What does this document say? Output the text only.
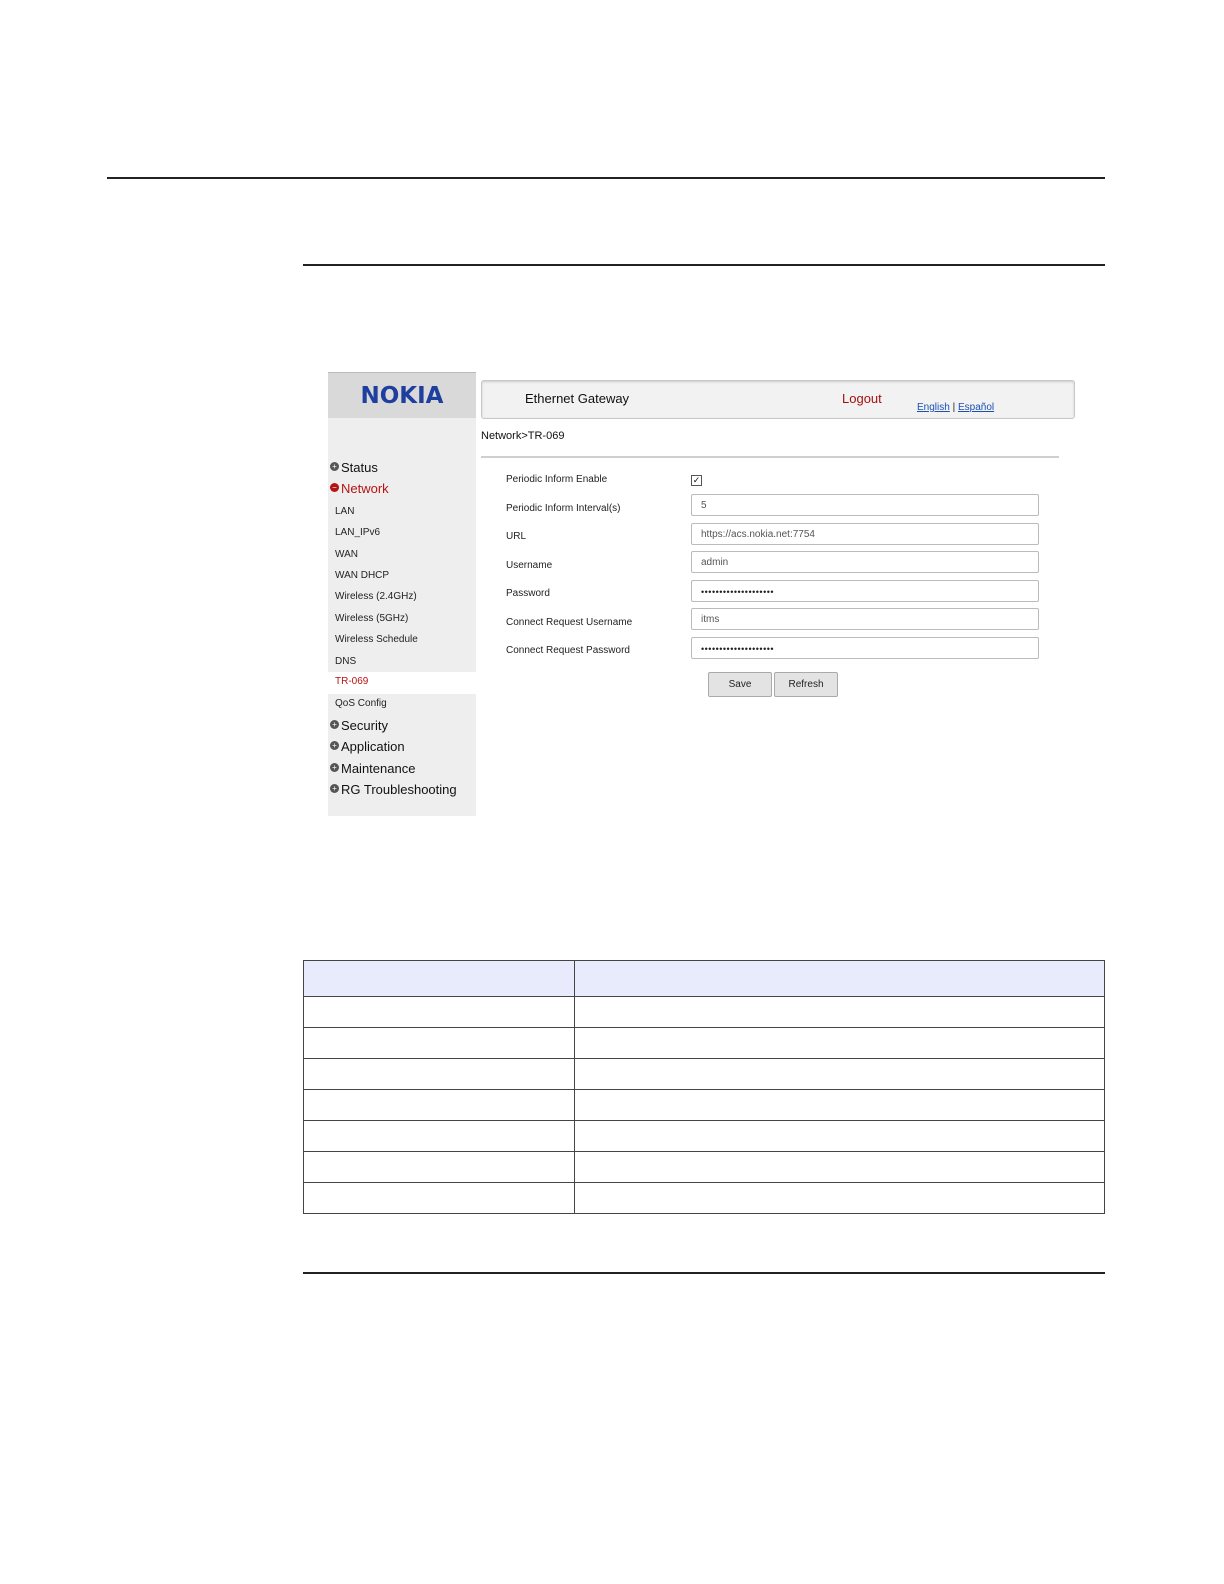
NOKIA	Ethernet Gateway	Logout
English | Español
+ Status
− Network
LAN
LAN_IPv6
WAN
WAN DHCP
Wireless (2.4GHz)
Wireless (5GHz)
Wireless Schedule
DNS
TR-069
QoS Config
+ Security
+ Application
+ Maintenance
+ RG Troubleshooting
Network>TR-069
Periodic Inform Enable	✓
Periodic Inform Interval(s)	5
URL	https://acs.nokia.net:7754
Username	admin
Password	••••••••••••••••••••
Connect Request Username	itms
Connect Request Password	••••••••••••••••••••
Save	Refresh
